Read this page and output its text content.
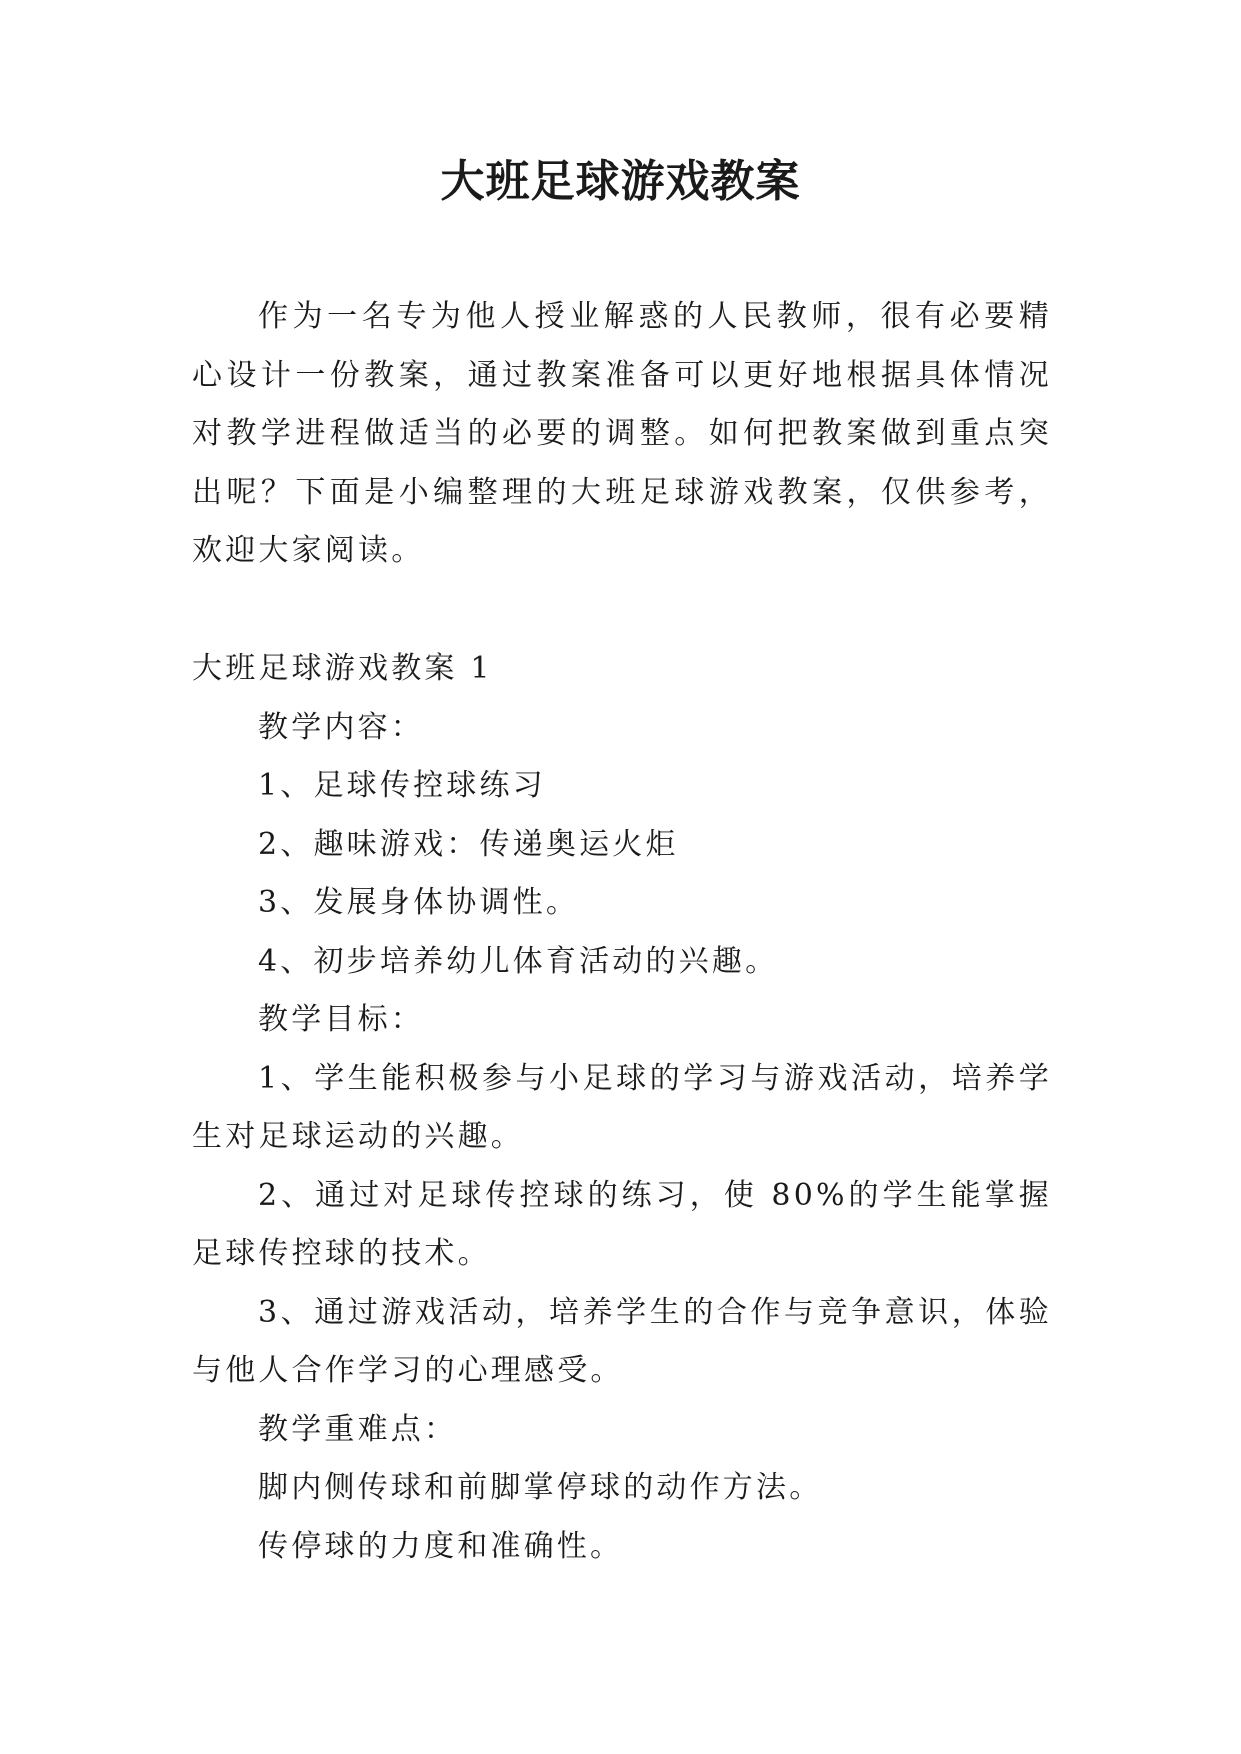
大班足球游戏教案

作为一名专为他人授业解惑的人民教师，很有必要精心设计一份教案，通过教案准备可以更好地根据具体情况对教学进程做适当的必要的调整。如何把教案做到重点突出呢？下面是小编整理的大班足球游戏教案，仅供参考，欢迎大家阅读。

大班足球游戏教案 1

教学内容：

1、足球传控球练习

2、趣味游戏：传递奥运火炬

3、发展身体协调性。

4、初步培养幼儿体育活动的兴趣。

教学目标：

1、学生能积极参与小足球的学习与游戏活动，培养学生对足球运动的兴趣。

2、通过对足球传控球的练习，使 80%的学生能掌握足球传控球的技术。

3、通过游戏活动，培养学生的合作与竞争意识，体验与他人合作学习的心理感受。

教学重难点：

脚内侧传球和前脚掌停球的动作方法。

传停球的力度和准确性。
